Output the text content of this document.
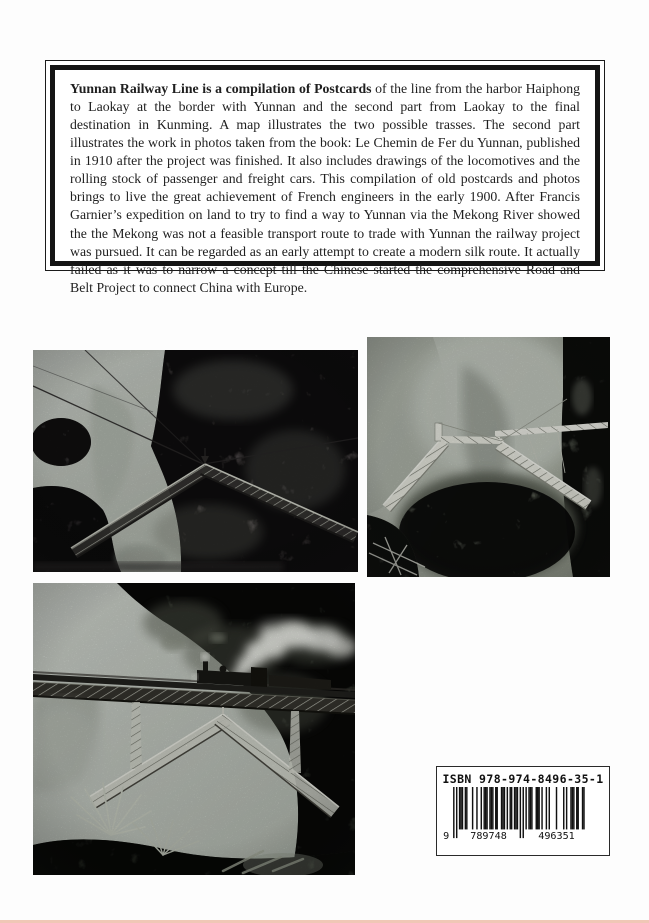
Yunnan Railway Line is a compilation of Postcards of the line from the harbor Haiphong to Laokay at the border with Yunnan and the second part from Laokay to the final destination in Kunming. A map illustrates the two possible trasses. The second part illustrates the work in photos taken from the book: Le Chemin de Fer du Yunnan, published in 1910 after the project was finished. It also includes drawings of the locomotives and the rolling stock of passenger and freight cars. This compilation of old postcards and photos brings to live the great achievement of French engineers in the early 1900. After Francis Garnier’s expedition on land to try to find a way to Yunnan via the Mekong River showed the the Mekong was not a feasible transport route to trade with Yunnan the railway project was pursued. It can be regarded as an early attempt to create a modern silk route. It actually failed as it was to narrow a concept till the Chinese started the comprehensive Road and Belt Project to connect China with Europe.

ISBN 978-974-8496-35-1
9 789748	496351
